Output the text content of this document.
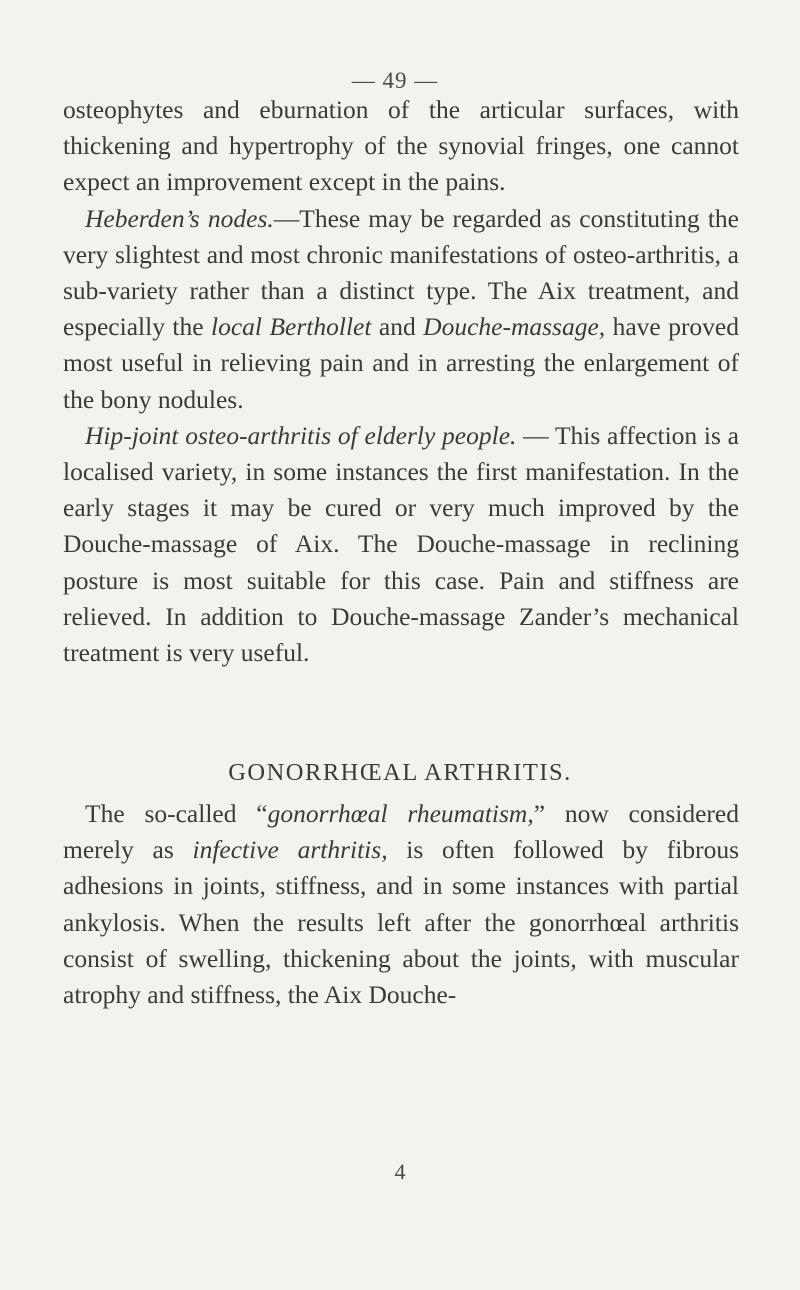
— 49 —

osteophytes and eburnation of the articular surfaces, with thickening and hypertrophy of the synovial fringes, one cannot expect an improvement except in the pains.

Heberden’s nodes.—These may be regarded as constituting the very slightest and most chronic manifestations of osteo-arthritis, a sub-variety rather than a distinct type. The Aix treatment, and especially the local Berthollet and Douche-massage, have proved most useful in relieving pain and in arresting the enlargement of the bony nodules.

Hip-joint osteo-arthritis of elderly people. — This affection is a localised variety, in some instances the first manifestation. In the early stages it may be cured or very much improved by the Douche-massage of Aix. The Douche-massage in reclining posture is most suitable for this case. Pain and stiffness are relieved. In addition to Douche-massage Zander’s mechanical treatment is very useful.

GONORRHŒAL ARTHRITIS.

The so-called “gonorrhœal rheumatism,” now considered merely as infective arthritis, is often followed by fibrous adhesions in joints, stiffness, and in some instances with partial ankylosis. When the results left after the gonorrhœal arthritis consist of swelling, thickening about the joints, with muscular atrophy and stiffness, the Aix Douche-

4
